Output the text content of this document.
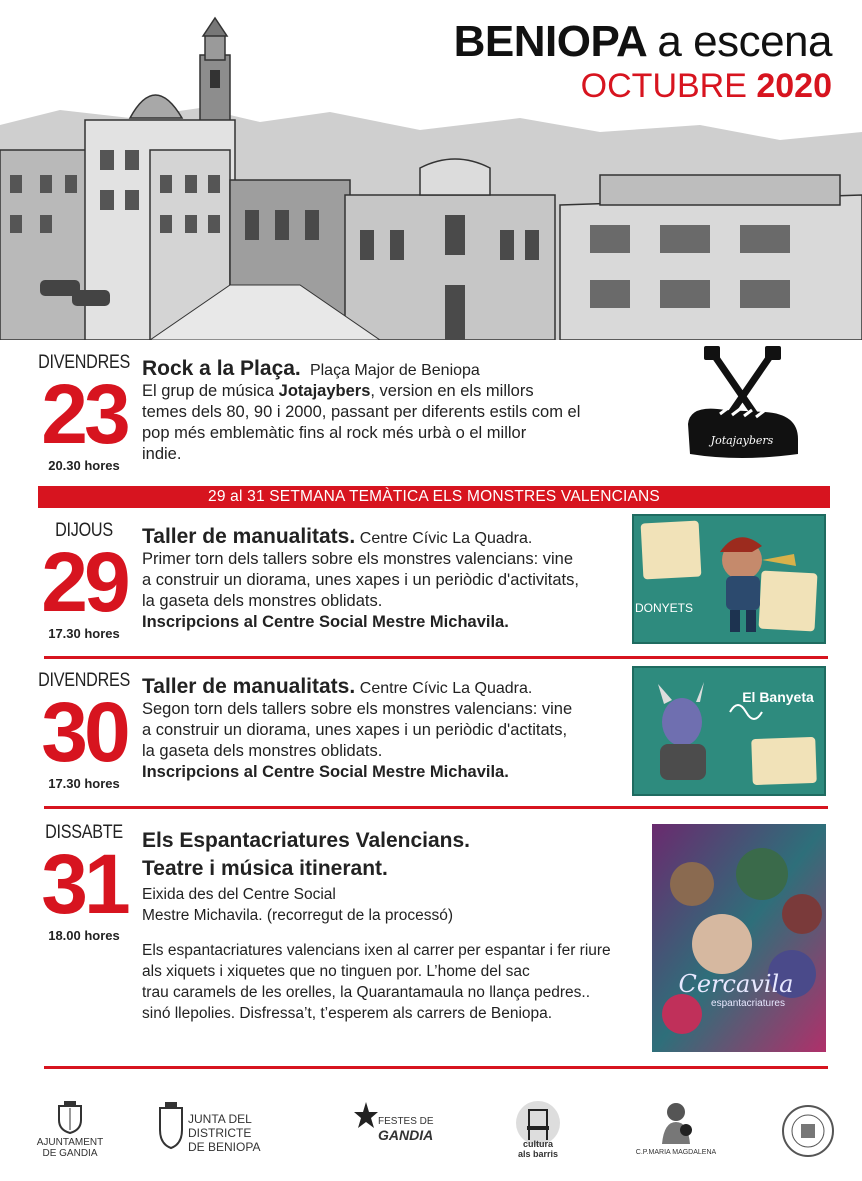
BENIOPA a escena
OCTUBRE 2020
DIVENDRES
23
20.30 hores
Rock a la Plaça. Plaça Major de Beniopa
El grup de música Jotajaybers, version en els millors
temes dels 80, 90 i 2000, passant per diferents estils com el
pop més emblemàtic fins al rock més urbà o el millor
indie.
Jotajaybers
29 al 31 SETMANA TEMÀTICA ELS MONSTRES VALENCIANS
DIJOUS
29
17.30 hores
Taller de manualitats. Centre Cívic La Quadra.
Primer torn dels tallers sobre els monstres valencians: vine
a construir un diorama, unes xapes i un periòdic d'activitats,
la gaseta dels monstres oblidats.
Inscripcions al Centre Social Mestre Michavila.
DONYETS
DIVENDRES
30
17.30 hores
Taller de manualitats. Centre Cívic La Quadra.
Segon torn dels tallers sobre els monstres valencians: vine
a construir un diorama, unes xapes i un periòdic d'actitats,
la gaseta dels monstres oblidats.
Inscripcions al Centre Social Mestre Michavila.
El Banyeta
DISSABTE
31
18.00 hores
Els Espantacriatures Valencians.
Teatre i música itinerant.
Eixida des del Centre Social
Mestre Michavila. (recorregut de la processó)
Els espantacriatures valencians ixen al carrer per espantar i fer riure
als xiquets i xiquetes que no tinguen por. L’home del sac
trau caramels de les orelles, la Quarantamaula no llança pedres..
sinó llepolies. Disfressa’t, t’esperem als carrers de Beniopa.
Cercavila
espantacriatures
AJUNTAMENT
DE GANDIA
JUNTA DEL
DISTRICTE
DE BENIOPA
FESTES DE
GANDIA
cultura
als barris	C.P.MARIA MAGDALENA
